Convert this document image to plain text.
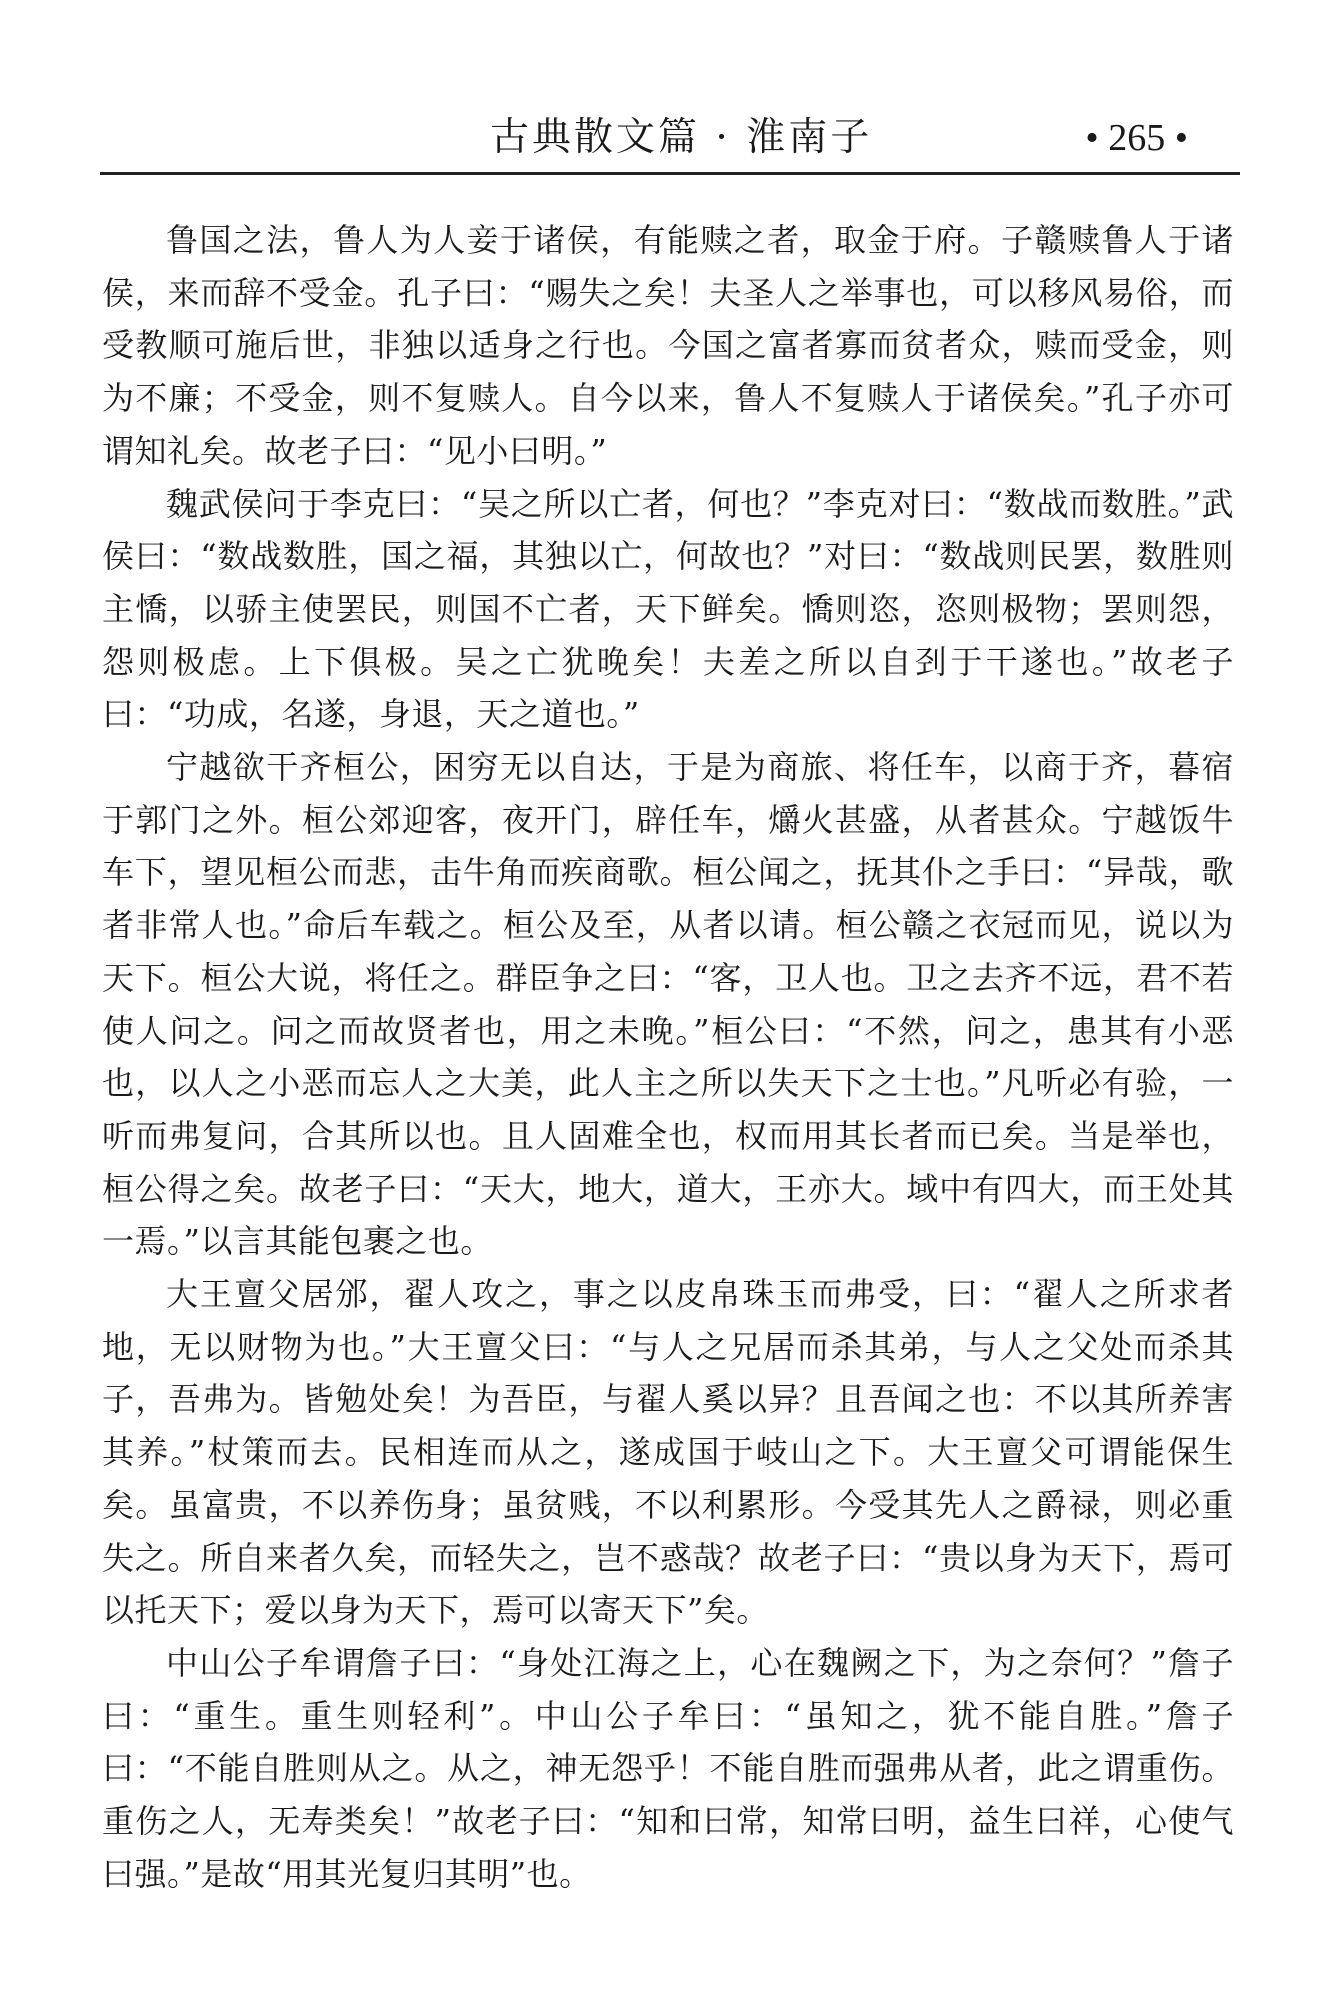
古典散文篇 · 淮南子	• 265 •

鲁国之法，鲁人为人妾于诸侯，有能赎之者，取金于府。子赣赎鲁人于诸侯，来而辞不受金。孔子曰：“赐失之矣！夫圣人之举事也，可以移风易俗，而受教顺可施后世，非独以适身之行也。今国之富者寡而贫者众，赎而受金，则为不廉；不受金，则不复赎人。自今以来，鲁人不复赎人于诸侯矣。”孔子亦可谓知礼矣。故老子曰：“见小曰明。”

魏武侯问于李克曰：“吴之所以亡者，何也？”李克对曰：“数战而数胜。”武侯曰：“数战数胜，国之福，其独以亡，何故也？”对曰：“数战则民罢，数胜则主憍，以骄主使罢民，则国不亡者，天下鲜矣。憍则恣，恣则极物；罢则怨，怨则极虑。上下俱极。吴之亡犹晚矣！夫差之所以自刭于干遂也。”故老子曰：“功成，名遂，身退，天之道也。”

宁越欲干齐桓公，困穷无以自达，于是为商旅、将任车，以商于齐，暮宿于郭门之外。桓公郊迎客，夜开门，辟任车，爝火甚盛，从者甚众。宁越饭牛车下，望见桓公而悲，击牛角而疾商歌。桓公闻之，抚其仆之手曰：“异哉，歌者非常人也。”命后车载之。桓公及至，从者以请。桓公赣之衣冠而见，说以为天下。桓公大说，将任之。群臣争之曰：“客，卫人也。卫之去齐不远，君不若使人问之。问之而故贤者也，用之未晚。”桓公曰：“不然，问之，患其有小恶也，以人之小恶而忘人之大美，此人主之所以失天下之士也。”凡听必有验，一听而弗复问，合其所以也。且人固难全也，权而用其长者而已矣。当是举也，桓公得之矣。故老子曰：“天大，地大，道大，王亦大。域中有四大，而王处其一焉。”以言其能包裹之也。

大王亶父居邠，翟人攻之，事之以皮帛珠玉而弗受，曰：“翟人之所求者地，无以财物为也。”大王亶父曰：“与人之兄居而杀其弟，与人之父处而杀其子，吾弗为。皆勉处矣！为吾臣，与翟人奚以异？且吾闻之也：不以其所养害其养。”杖策而去。民相连而从之，遂成国于岐山之下。大王亶父可谓能保生矣。虽富贵，不以养伤身；虽贫贱，不以利累形。今受其先人之爵禄，则必重失之。所自来者久矣，而轻失之，岂不惑哉？故老子曰：“贵以身为天下，焉可以托天下；爱以身为天下，焉可以寄天下”矣。

中山公子牟谓詹子曰：“身处江海之上，心在魏阙之下，为之奈何？”詹子曰：“重生。重生则轻利”。中山公子牟曰：“虽知之，犹不能自胜。”詹子曰：“不能自胜则从之。从之，神无怨乎！不能自胜而强弗从者，此之谓重伤。重伤之人，无寿类矣！”故老子曰：“知和曰常，知常曰明，益生曰祥，心使气曰强。”是故“用其光复归其明”也。
